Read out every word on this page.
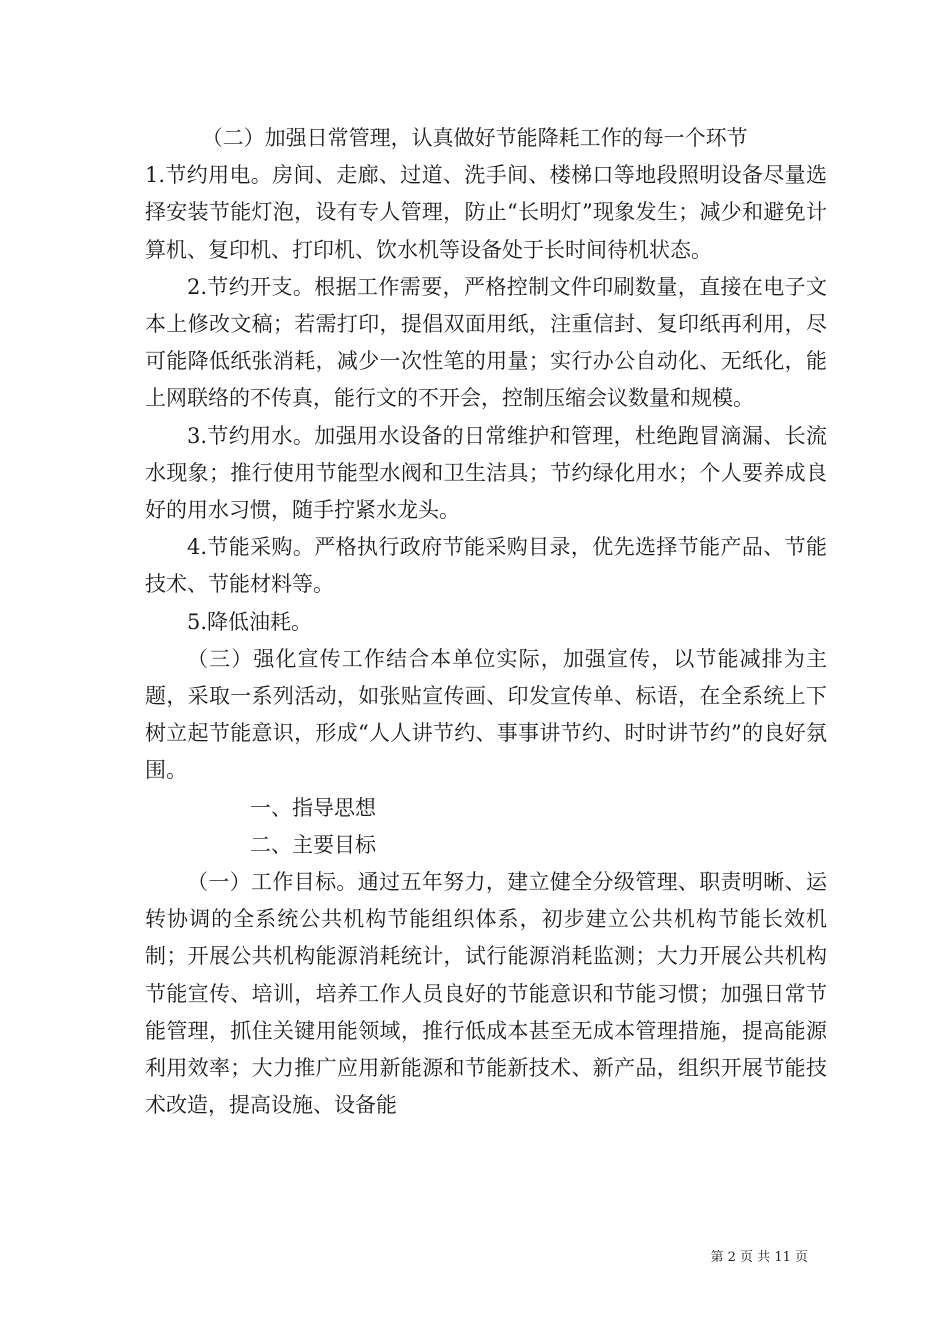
（二）加强日常管理，认真做好节能降耗工作的每一个环节

1.节约用电。房间、走廊、过道、洗手间、楼梯口等地段照明设备尽量选择安装节能灯泡，设有专人管理，防止“长明灯”现象发生；减少和避免计算机、复印机、打印机、饮水机等设备处于长时间待机状态。

2.节约开支。根据工作需要，严格控制文件印刷数量，直接在电子文本上修改文稿；若需打印，提倡双面用纸，注重信封、复印纸再利用，尽可能降低纸张消耗，减少一次性笔的用量；实行办公自动化、无纸化，能上网联络的不传真，能行文的不开会，控制压缩会议数量和规模。

3.节约用水。加强用水设备的日常维护和管理，杜绝跑冒滴漏、长流水现象；推行使用节能型水阀和卫生洁具；节约绿化用水；个人要养成良好的用水习惯，随手拧紧水龙头。

4.节能采购。严格执行政府节能采购目录，优先选择节能产品、节能技术、节能材料等。

5.降低油耗。

（三）强化宣传工作结合本单位实际，加强宣传，以节能减排为主题，采取一系列活动，如张贴宣传画、印发宣传单、标语，在全系统上下树立起节能意识，形成“人人讲节约、事事讲节约、时时讲节约”的良好氛围。

一、指导思想

二、主要目标

（一）工作目标。通过五年努力，建立健全分级管理、职责明晰、运转协调的全系统公共机构节能组织体系，初步建立公共机构节能长效机制；开展公共机构能源消耗统计，试行能源消耗监测；大力开展公共机构节能宣传、培训，培养工作人员良好的节能意识和节能习惯；加强日常节能管理，抓住关键用能领域，推行低成本甚至无成本管理措施，提高能源利用效率；大力推广应用新能源和节能新技术、新产品，组织开展节能技术改造，提高设施、设备能

第 2 页 共 11 页
